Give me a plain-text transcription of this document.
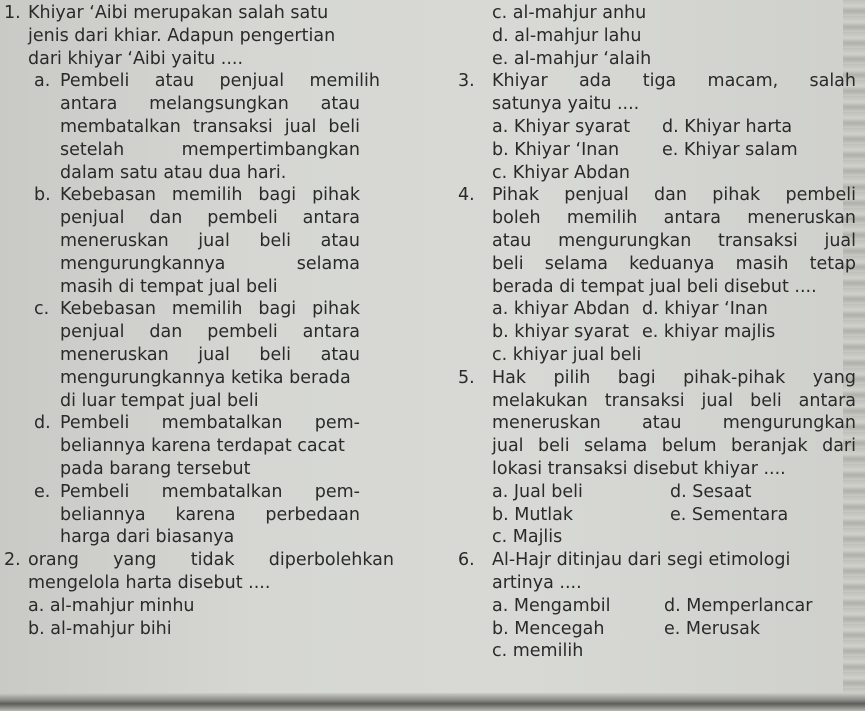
1. Khiyar ‘Aibi merupakan salah satu
jenis dari khiar. Adapun pengertian
dari khiyar ‘Aibi yaitu ....
a. Pembeli atau penjual memilih
antara melangsungkan atau
membatalkan transaksi jual beli
setelah mempertimbangkan
dalam satu atau dua hari.
b. Kebebasan memilih bagi pihak
penjual dan pembeli antara
meneruskan jual beli atau
mengurungkannya selama
masih di tempat jual beli
c. Kebebasan memilih bagi pihak
penjual dan pembeli antara
meneruskan jual beli atau
mengurungkannya ketika berada
di luar tempat jual beli
d. Pembeli membatalkan pem-
beliannya karena terdapat cacat
pada barang tersebut
e. Pembeli membatalkan pem-
beliannya karena perbedaan
harga dari biasanya
2. orang yang tidak diperbolehkan
mengelola harta disebut ....
a. al-mahjur minhu
b. al-mahjur bihi
c. al-mahjur anhu
d. al-mahjur lahu
e. al-mahjur ‘alaih
3. Khiyar ada tiga macam, salah
satunya yaitu ....
a. Khiyar syarat	d. Khiyar harta
b. Khiyar ‘Inan	e. Khiyar salam
c. Khiyar Abdan
4. Pihak penjual dan pihak pembeli
boleh memilih antara meneruskan
atau mengurungkan transaksi jual
beli selama keduanya masih tetap
berada di tempat jual beli disebut ....
a. khiyar Abdan d. khiyar ‘Inan
b. khiyar syarat e. khiyar majlis
c. khiyar jual beli
5. Hak pilih bagi pihak-pihak yang
melakukan transaksi jual beli antara
meneruskan atau mengurungkan
jual beli selama belum beranjak dari
lokasi transaksi disebut khiyar ....
a. Jual beli	d. Sesaat
b. Mutlak	e. Sementara
c. Majlis
6. Al-Hajr ditinjau dari segi etimologi
artinya ....
a. Mengambil	d. Memperlancar
b. Mencegah	e. Merusak
c. memilih
